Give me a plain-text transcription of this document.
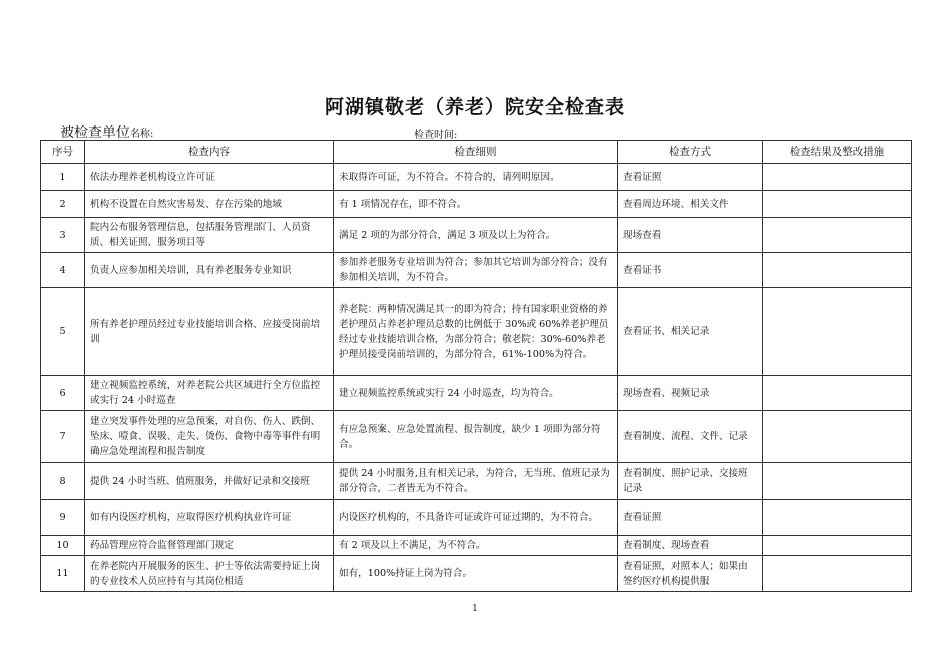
阿湖镇敬老（养老）院安全检查表
被检查单位名称:	检查时间:
序号	检查内容	检查细则	检查方式	检查结果及整改措施
1	依法办理养老机构设立许可证	未取得许可证，为不符合。不符合的，请列明原因。	查看证照	
2	机构不设置在自然灾害易发、存在污染的地域	有 1 项情况存在，即不符合。	查看周边环境、相关文件	
3	院内公布服务管理信息，包括服务管理部门、人员资质、相关证照、服务项目等	满足 2 项的为部分符合，满足 3 项及以上为符合。	现场查看	
4	负责人应参加相关培训，具有养老服务专业知识	参加养老服务专业培训为符合；参加其它培训为部分符合；没有参加相关培训，为不符合。	查看证书	
5	所有养老护理员经过专业技能培训合格、应接受岗前培训	养老院：两种情况满足其一的即为符合；持有国家职业资格的养老护理员占养老护理员总数的比例低于 30%或 60%养老护理员经过专业技能培训合格，为部分符合；敬老院：30%-60%养老护理员接受岗前培训的，为部分符合，61%-100%为符合。	查看证书、相关记录	
6	建立视频监控系统，对养老院公共区域进行全方位监控或实行 24 小时巡查	建立视频监控系统或实行 24 小时巡查，均为符合。	现场查看、视频记录	
7	建立突发事件处理的应急预案，对自伤、伤人、跌倒、坠床、噎食、误吸、走失、烫伤、食物中毒等事件有明确应急处理流程和报告制度	有应急预案、应急处置流程、报告制度，缺少 1 项即为部分符合。	查看制度、流程、文件、记录	
8	提供 24 小时当班、值班服务，并做好记录和交接班	提供 24 小时服务,且有相关记录，为符合，无当班、值班记录为部分符合，二者皆无为不符合。	查看制度、照护记录、交接班记录	
9	如有内设医疗机构，应取得医疗机构执业许可证	内设医疗机构的，不具备许可证或许可证过期的，为不符合。	查看证照	
10	药品管理应符合监督管理部门规定	有 2 项及以上不满足，为不符合。	查看制度、现场查看	
11	在养老院内开展服务的医生、护士等依法需要持证上岗的专业技术人员应持有与其岗位相适	如有，100%持证上岗为符合。	查看证照，对照本人；如果由签约医疗机构提供服	
1
